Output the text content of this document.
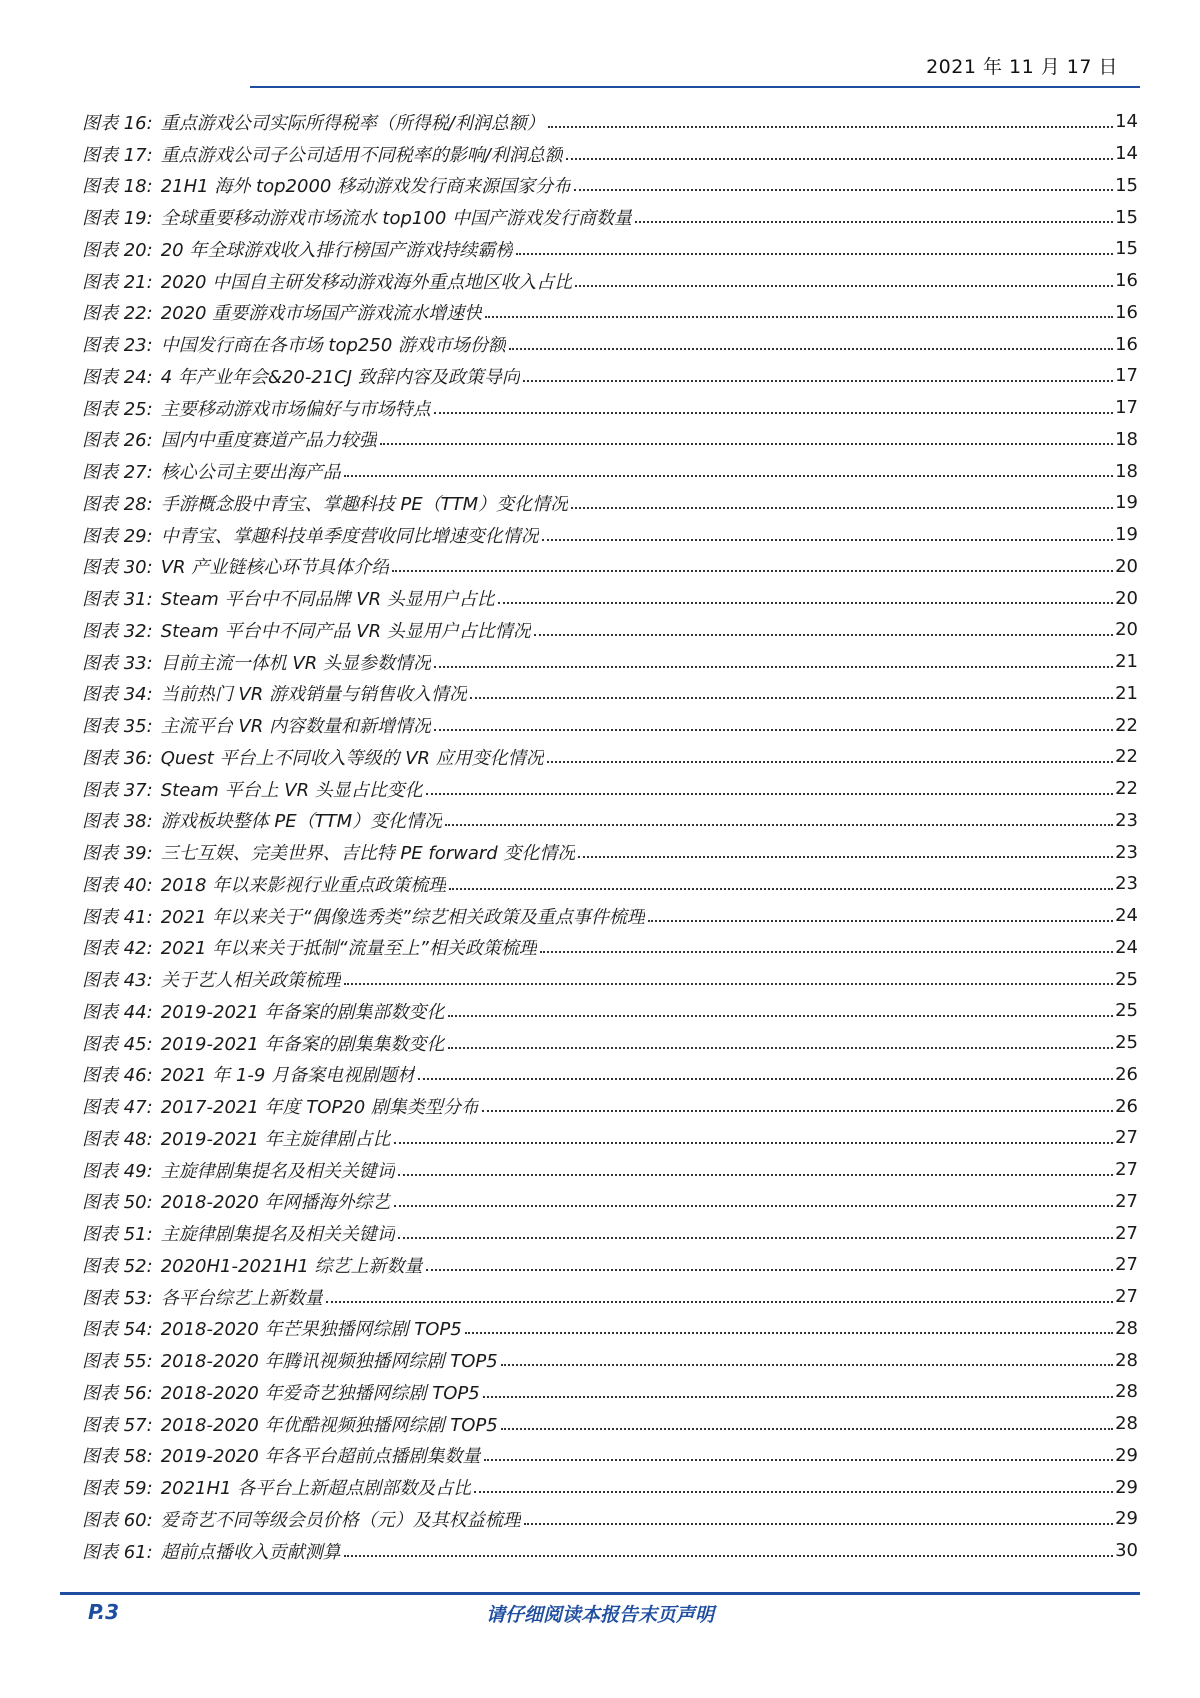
2021 年 11 月 17 日
图表 16: 重点游戏公司实际所得税率（所得税/利润总额）	14
图表 17: 重点游戏公司子公司适用不同税率的影响/利润总额	14
图表 18: 21H1 海外 top2000 移动游戏发行商来源国家分布	15
图表 19: 全球重要移动游戏市场流水 top100 中国产游戏发行商数量	15
图表 20: 20 年全球游戏收入排行榜国产游戏持续霸榜	15
图表 21: 2020 中国自主研发移动游戏海外重点地区收入占比	16
图表 22: 2020 重要游戏市场国产游戏流水增速快	16
图表 23: 中国发行商在各市场 top250 游戏市场份额	16
图表 24: 4 年产业年会&20-21CJ 致辞内容及政策导向	17
图表 25: 主要移动游戏市场偏好与市场特点	17
图表 26: 国内中重度赛道产品力较强	18
图表 27: 核心公司主要出海产品	18
图表 28: 手游概念股中青宝、掌趣科技 PE（TTM）变化情况	19
图表 29: 中青宝、掌趣科技单季度营收同比增速变化情况	19
图表 30: VR 产业链核心环节具体介绍	20
图表 31: Steam 平台中不同品牌 VR 头显用户占比	20
图表 32: Steam 平台中不同产品 VR 头显用户占比情况	20
图表 33: 目前主流一体机 VR 头显参数情况	21
图表 34: 当前热门 VR 游戏销量与销售收入情况	21
图表 35: 主流平台 VR 内容数量和新增情况	22
图表 36: Quest 平台上不同收入等级的 VR 应用变化情况	22
图表 37: Steam 平台上 VR 头显占比变化	22
图表 38: 游戏板块整体 PE（TTM）变化情况	23
图表 39: 三七互娱、完美世界、吉比特 PE forward 变化情况	23
图表 40: 2018 年以来影视行业重点政策梳理	23
图表 41: 2021 年以来关于“偶像选秀类”综艺相关政策及重点事件梳理	24
图表 42: 2021 年以来关于抵制“流量至上”相关政策梳理	24
图表 43: 关于艺人相关政策梳理	25
图表 44: 2019-2021 年备案的剧集部数变化	25
图表 45: 2019-2021 年备案的剧集集数变化	25
图表 46: 2021 年 1-9 月备案电视剧题材	26
图表 47: 2017-2021 年度 TOP20 剧集类型分布	26
图表 48: 2019-2021 年主旋律剧占比	27
图表 49: 主旋律剧集提名及相关关键词	27
图表 50: 2018-2020 年网播海外综艺	27
图表 51: 主旋律剧集提名及相关关键词	27
图表 52: 2020H1-2021H1 综艺上新数量	27
图表 53: 各平台综艺上新数量	27
图表 54: 2018-2020 年芒果独播网综剧 TOP5	28
图表 55: 2018-2020 年腾讯视频独播网综剧 TOP5	28
图表 56: 2018-2020 年爱奇艺独播网综剧 TOP5	28
图表 57: 2018-2020 年优酷视频独播网综剧 TOP5	28
图表 58: 2019-2020 年各平台超前点播剧集数量	29
图表 59: 2021H1 各平台上新超点剧部数及占比	29
图表 60: 爱奇艺不同等级会员价格（元）及其权益梳理	29
图表 61: 超前点播收入贡献测算	30
P.3	请仔细阅读本报告末页声明
